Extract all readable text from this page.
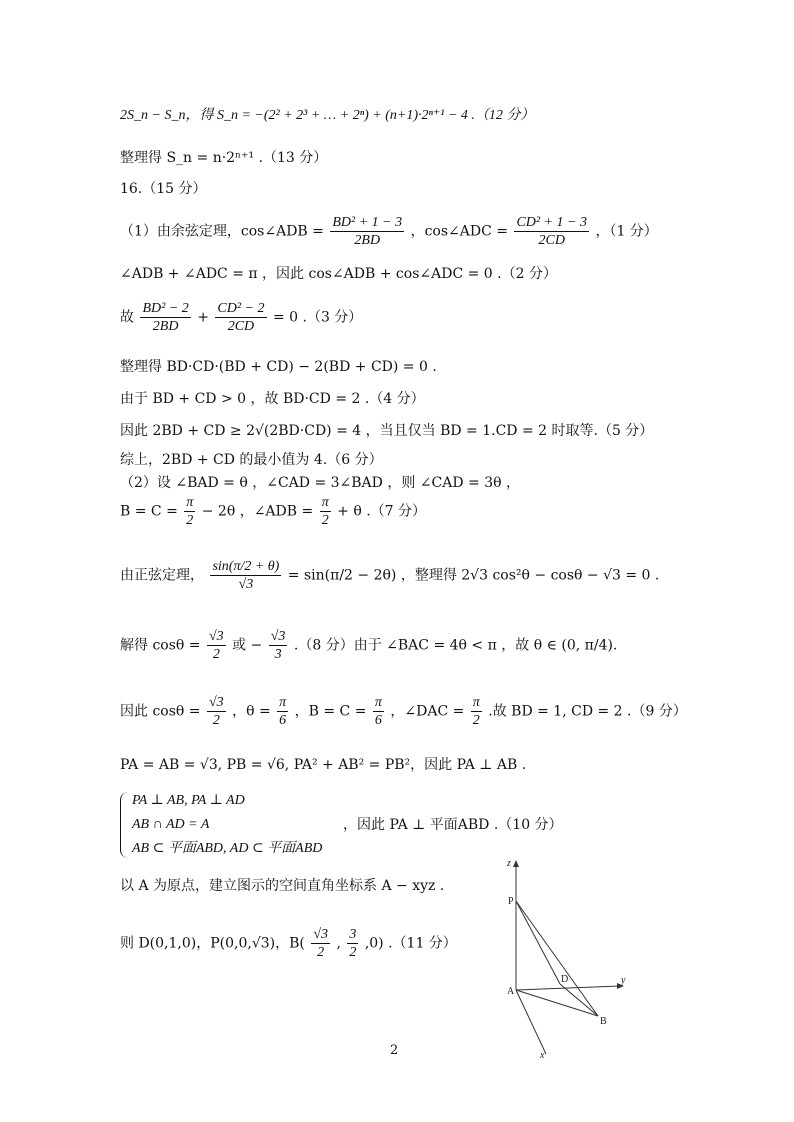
2S_n − S_n，得 S_n = −(2² + 2³ + … + 2ⁿ) + (n+1)·2ⁿ⁺¹ − 4 .（12 分）
整理得 S_n = n·2ⁿ⁺¹ .（13 分）
16.（15 分）
（1）由余弦定理，cos∠ADB = $\frac{\text{BD² + 1 − 3}}{2BD}$ ，cos∠ADC = $\frac{\text{CD² + 1 − 3}}{2CD}$ ，（1 分）
∠ADB + ∠ADC = π ，因此 cos∠ADB + cos∠ADC = 0 .（2 分）
故 $\frac{\text{BD² − 2}}{2BD} + \frac{\text{CD² − 2}}{2CD} = 0$ .（3 分）
整理得 BD·CD·(BD + CD) − 2(BD + CD) = 0 .
由于 BD + CD > 0 ，故 BD·CD = 2 .（4 分）
因此 2BD + CD ≥ 2√(2BD·CD) = 4 ，当且仅当 BD = 1.CD = 2 时取等.（5 分）
综上，2BD + CD 的最小值为 4.（6 分）
（2）设 ∠BAD = θ ，∠CAD = 3∠BAD ，则 ∠CAD = 3θ ，
$B = C = \frac{\pi}{2} - 2\theta$ ，∠ADB = $\frac{\pi}{2} + \theta$ .（7 分）
由正弦定理， $\frac{\sin(\pi/2 + \theta)}{√3} = \sin(\pi/2 - 2\theta)$ ，整理得 2√3 cos²θ − cosθ − √3 = 0 .
解得 $\cos\theta = \frac{√3}{2}$ 或 − $\frac{√3}{3} .(8$ 分）由于 ∠BAC = 4θ < π ，故 θ ∈ (0, π/4).
因此 $\cos\theta = \frac{√3}{2}$ ，$\theta = \frac{\pi}{6}$ ，$B = C = \frac{\pi}{6}$ ，∠DAC = $\frac{\pi}{2}$ .故 BD = 1, CD = 2 .（9 分）
PA = AB = √3, PB = √6, PA² + AB² = PB²，因此 PA ⊥ AB .
PA ⊥ AB, PA ⊥ AD
AB ∩ AD = A
AB ⊂ 平面ABD, AD ⊂ 平面ABD
，因此 PA ⊥ 平面ABD .（10 分）
以 A 为原点，建立图示的空间直角坐标系 A − xyz .
则 D(0,1,0)，P(0,0,√3)，$B( \frac{√3}{2}$ , $\frac{3}{2} ,0$) .（11 分）
z
y
x
P
A
D
B
2
